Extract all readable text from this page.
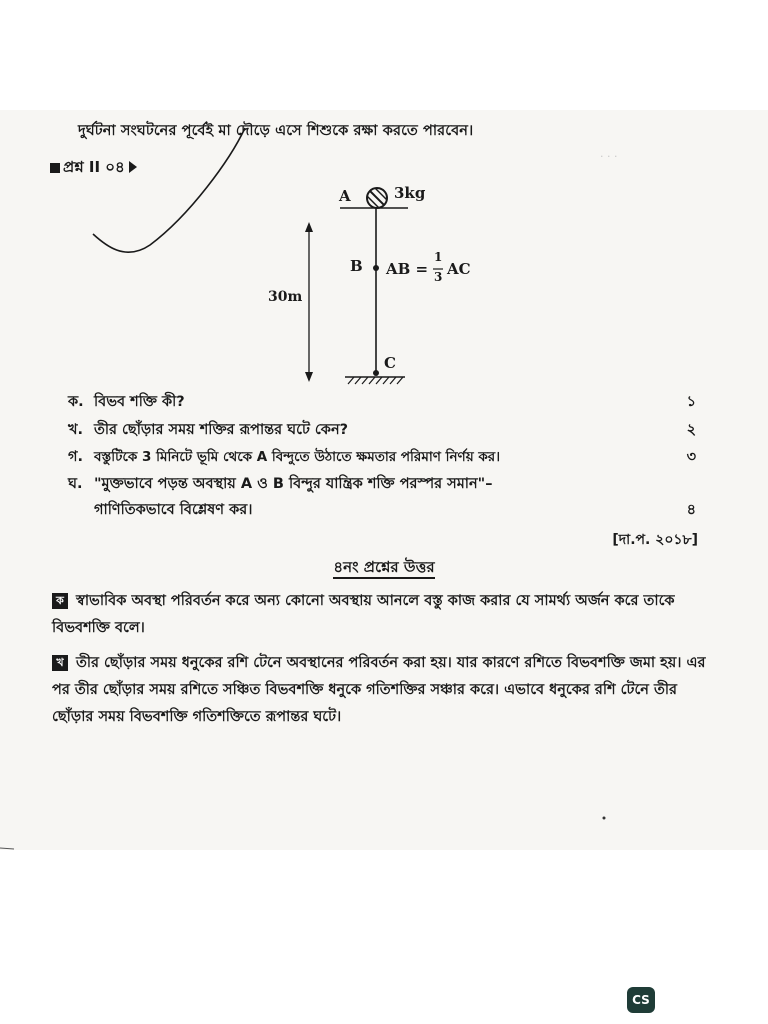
· · ·
দুর্ঘটনা সংঘটনের পূর্বেই মা দৌড়ে এসে শিশুকে রক্ষা করতে পারবেন।
প্রশ্ন II ০৪
A	3kg
B AB =
1
3 AC
30m
C
ক. বিভব শক্তি কী?	১
খ. তীর ছোঁড়ার সময় শক্তির রূপান্তর ঘটে কেন?	২
গ. বস্তুটিকে 3 মিনিটে ভূমি থেকে A বিন্দুতে উঠাতে ক্ষমতার পরিমাণ নির্ণয় কর।	৩
ঘ. "মুক্তভাবে পড়ন্ত অবস্থায় A ও B বিন্দুর যান্ত্রিক শক্তি পরস্পর সমান"–
গাণিতিকভাবে বিশ্লেষণ কর।	৪
[দা.প. ২০১৮]
৪নং প্রশ্নের উত্তর
ক স্বাভাবিক অবস্থা পরিবর্তন করে অন্য কোনো অবস্থায় আনলে বস্তু কাজ করার যে সামর্থ্য অর্জন করে তাকে বিভবশক্তি বলে।
খ তীর ছোঁড়ার সময় ধনুকের রশি টেনে অবস্থানের পরিবর্তন করা হয়। যার কারণে রশিতে বিভবশক্তি জমা হয়। এর পর তীর ছোঁড়ার সময় রশিতে সঞ্চিত বিভবশক্তি ধনুকে গতিশক্তির সঞ্চার করে। এভাবে ধনুকের রশি টেনে তীর ছোঁড়ার সময় বিভবশক্তি গতিশক্তিতে রূপান্তর ঘটে।
CS
